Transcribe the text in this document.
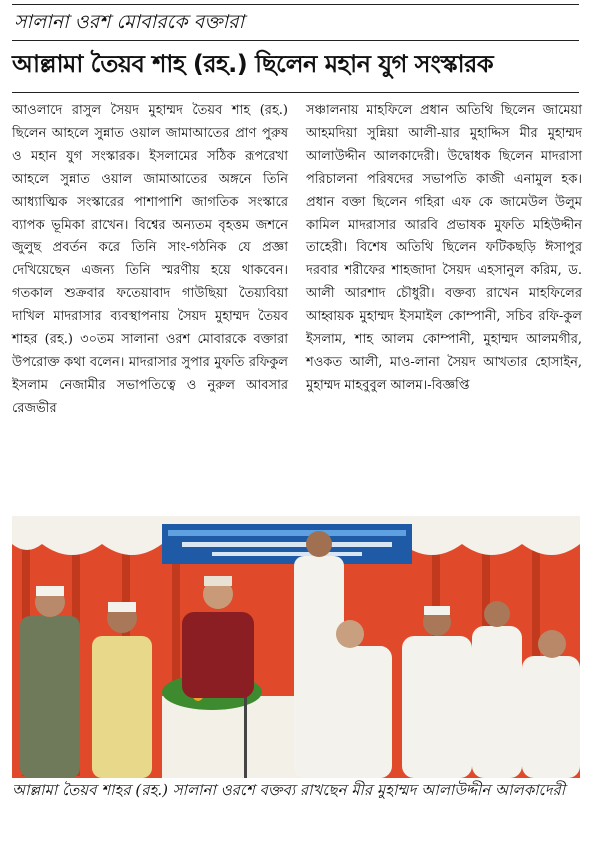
সালানা ওরশ মোবারকে বক্তারা
আল্লামা তৈয়ব শাহ (রহ.) ছিলেন মহান যুগ সংস্কারক

আওলাদে রাসুল সৈয়দ মুহাম্মদ তৈয়ব শাহ (রহ.) ছিলেন আহলে সুন্নাত ওয়াল জামাআতের প্রাণ পুরুষ ও মহান যুগ সংস্কারক। ইসলামের সঠিক রূপরেখা আহলে সুন্নাত ওয়াল জামাআতের অঙ্গনে তিনি আধ্যাত্মিক সংস্কারের পাশাপাশি জাগতিক সংস্কারে ব্যাপক ভূমিকা রাখেন। বিশ্বের অন্যতম বৃহত্তম জশনে জুলুছ প্রবর্তন করে তিনি সাং-গঠনিক যে প্রজ্ঞা দেখিয়েছেন এজন্য তিনি স্মরণীয় হয়ে থাকবেন। গতকাল শুক্রবার ফতেয়াবাদ গাউছিয়া তৈয়্যবিয়া দাখিল মাদরাসার ব্যবস্থাপনায় সৈয়দ মুহাম্মদ তৈয়ব শাহর (রহ.) ৩০তম সালানা ওরশ মোবারকে বক্তারা উপরোক্ত কথা বলেন। মাদরাসার সুপার মুফতি রফিকুল ইসলাম নেজামীর সভাপতিত্বে ও নুরুল আবসার রেজভীর

সঞ্চালনায় মাহফিলে প্রধান অতিথি ছিলেন জামেয়া আহমদিয়া সুন্নিয়া আলী-য়ার মুহাদ্দিস মীর মুহাম্মদ আলাউদ্দীন আলকাদেরী। উদ্বোধক ছিলেন মাদরাসা পরিচালনা পরিষদের সভাপতি কাজী এনামুল হক। প্রধান বক্তা ছিলেন গহিরা এফ কে জামেউল উলুম কামিল মাদরাসার আরবি প্রভাষক মুফতি মহিউদ্দীন তাহেরী। বিশেষ অতিথি ছিলেন ফটিকছড়ি ঈসাপুর দরবার শরীফের শাহজাদা সৈয়দ এহসানুল করিম, ড. আলী আরশাদ চৌধুরী। বক্তব্য রাখেন মাহফিলের আহ্বায়ক মুহাম্মদ ইসমাইল কোম্পানী, সচিব রফি-কুল ইসলাম, শাহ আলম কোম্পানী, মুহাম্মদ আলমগীর, শওকত আলী, মাও-লানা সৈয়দ আখতার হোসাইন, মুহাম্মদ মাহবুবুল আলম।-বিজ্ঞপ্তি

আল্লামা তৈয়ব শাহর (রহ.) সালানা ওরশে বক্তব্য রাখছেন মীর মুহাম্মদ আলাউদ্দীন আলকাদেরী
